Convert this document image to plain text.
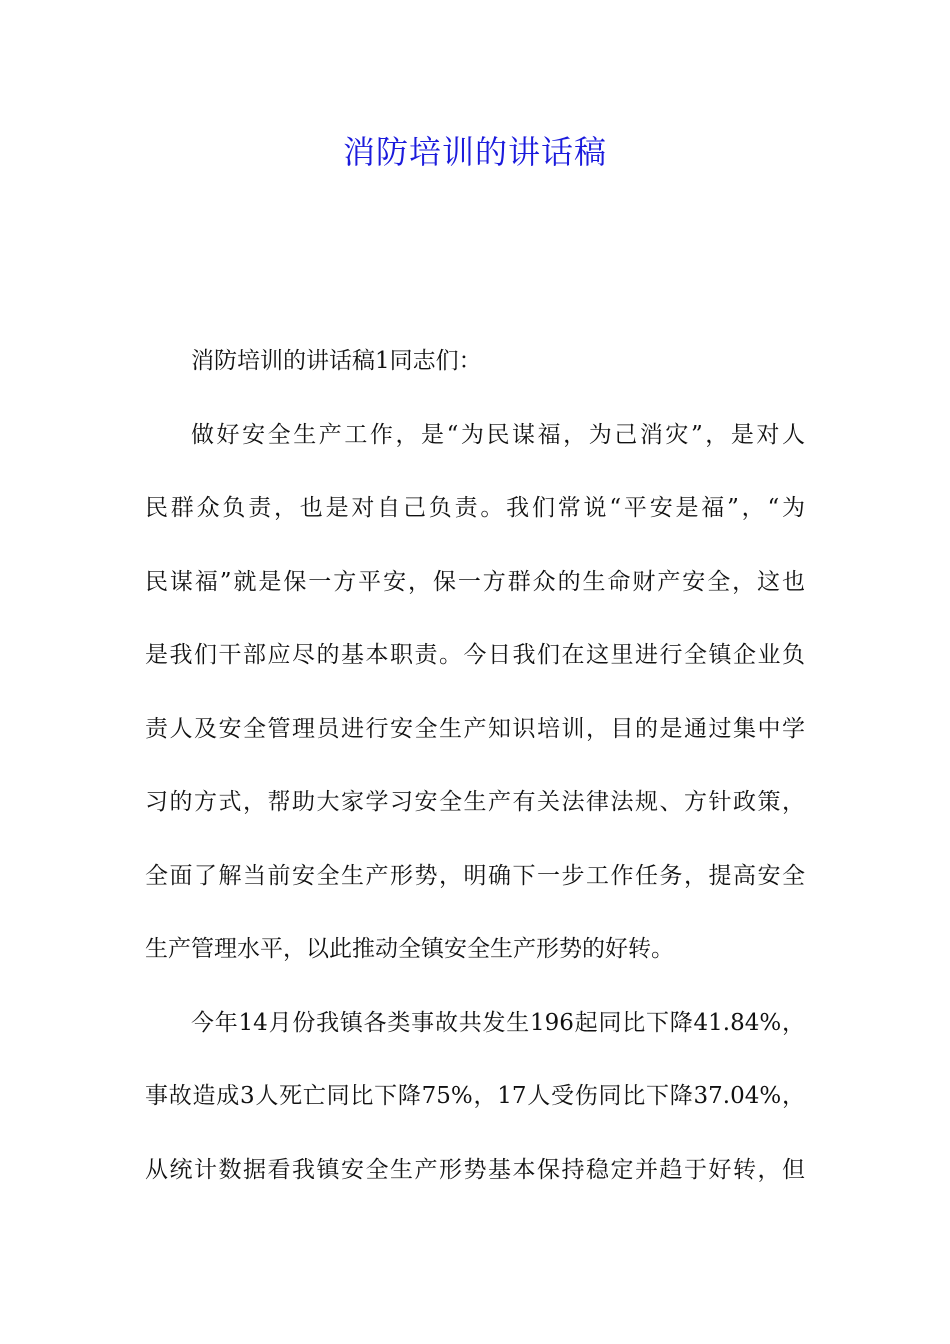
消防培训的讲话稿
消防培训的讲话稿1同志们：
做好安全生产工作，是“为民谋福，为己消灾”，是对人
民群众负责，也是对自己负责。我们常说“平安是福”，“为
民谋福”就是保一方平安，保一方群众的生命财产安全，这也
是我们干部应尽的基本职责。今日我们在这里进行全镇企业负
责人及安全管理员进行安全生产知识培训，目的是通过集中学
习的方式，帮助大家学习安全生产有关法律法规、方针政策，
全面了解当前安全生产形势，明确下一步工作任务，提高安全
生产管理水平，以此推动全镇安全生产形势的好转。
今年14月份我镇各类事故共发生196起同比下降41.84%，
事故造成3人死亡同比下降75%，17人受伤同比下降37.04%，
从统计数据看我镇安全生产形势基本保持稳定并趋于好转，但
